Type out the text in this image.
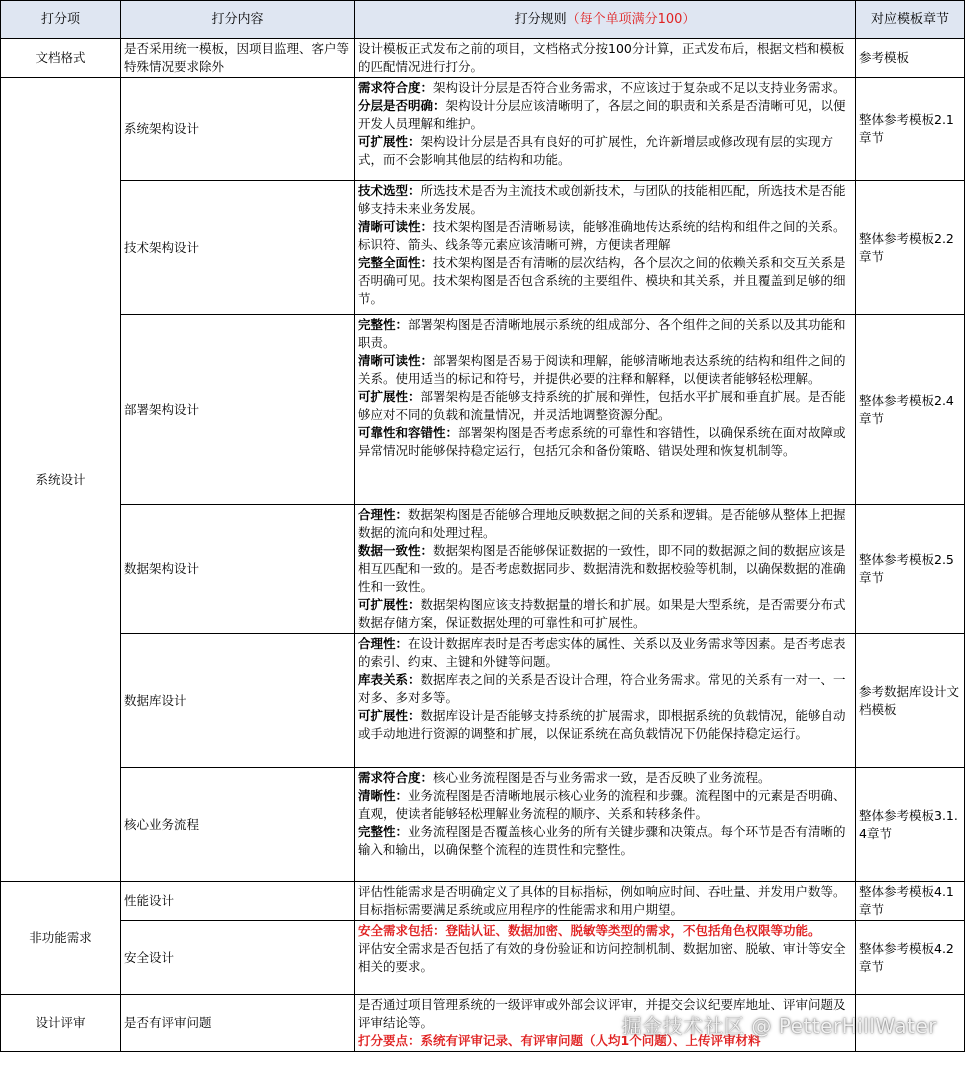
打分项	打分内容	打分规则（每个单项满分100）	对应模板章节
文档格式	是否采用统一模板，因项目监理、客户等特殊情况要求除外	设计模板正式发布之前的项目，文档格式分按100分计算，正式发布后，根据文档和模板的匹配情况进行打分。	参考模板
系统设计	系统架构设计	需求符合度：架构设计分层是否符合业务需求，不应该过于复杂或不足以支持业务需求。
分层是否明确：架构设计分层应该清晰明了，各层之间的职责和关系是否清晰可见，以便开发人员理解和维护。
可扩展性：架构设计分层是否具有良好的可扩展性，允许新增层或修改现有层的实现方式，而不会影响其他层的结构和功能。	整体参考模板2.1章节
	技术架构设计	技术选型：所选技术是否为主流技术或创新技术，与团队的技能相匹配，所选技术是否能够支持未来业务发展。
清晰可读性：技术架构图是否清晰易读，能够准确地传达系统的结构和组件之间的关系。标识符、箭头、线条等元素应该清晰可辨，方便读者理解
完整全面性：技术架构图是否有清晰的层次结构，各个层次之间的依赖关系和交互关系是否明确可见。技术架构图是否包含系统的主要组件、模块和其关系，并且覆盖到足够的细节。	整体参考模板2.2章节
	部署架构设计	完整性：部署架构图是否清晰地展示系统的组成部分、各个组件之间的关系以及其功能和职责。
清晰可读性：部署架构图是否易于阅读和理解，能够清晰地表达系统的结构和组件之间的关系。使用适当的标记和符号，并提供必要的注释和解释，以便读者能够轻松理解。
可扩展性：部署架构是否能够支持系统的扩展和弹性，包括水平扩展和垂直扩展。是否能够应对不同的负载和流量情况，并灵活地调整资源分配。
可靠性和容错性：部署架构图是否考虑系统的可靠性和容错性，以确保系统在面对故障或异常情况时能够保持稳定运行，包括冗余和备份策略、错误处理和恢复机制等。	整体参考模板2.4章节
	数据架构设计	合理性：数据架构图是否能够合理地反映数据之间的关系和逻辑。是否能够从整体上把握数据的流向和处理过程。
数据一致性：数据架构图是否能够保证数据的一致性，即不同的数据源之间的数据应该是相互匹配和一致的。是否考虑数据同步、数据清洗和数据校验等机制，以确保数据的准确性和一致性。
可扩展性：数据架构图应该支持数据量的增长和扩展。如果是大型系统，是否需要分布式数据存储方案，保证数据处理的可靠性和可扩展性。	整体参考模板2.5章节
	数据库设计	合理性：在设计数据库表时是否考虑实体的属性、关系以及业务需求等因素。是否考虑表的索引、约束、主键和外键等问题。
库表关系：数据库表之间的关系是否设计合理，符合业务需求。常见的关系有一对一、一对多、多对多等。
可扩展性：数据库设计是否能够支持系统的扩展需求，即根据系统的负载情况，能够自动或手动地进行资源的调整和扩展，以保证系统在高负载情况下仍能保持稳定运行。	参考数据库设计文档模板
	核心业务流程	需求符合度：核心业务流程图是否与业务需求一致，是否反映了业务流程。
清晰性：业务流程图是否清晰地展示核心业务的流程和步骤。流程图中的元素是否明确、直观，使读者能够轻松理解业务流程的顺序、关系和转移条件。
完整性：业务流程图是否覆盖核心业务的所有关键步骤和决策点。每个环节是否有清晰的输入和输出，以确保整个流程的连贯性和完整性。	整体参考模板3.1.4章节
非功能需求	性能设计	评估性能需求是否明确定义了具体的目标指标，例如响应时间、吞吐量、并发用户数等。目标指标需要满足系统或应用程序的性能需求和用户期望。	整体参考模板4.1章节
	安全设计	安全需求包括：登陆认证、数据加密、脱敏等类型的需求，不包括角色权限等功能。
评估安全需求是否包括了有效的身份验证和访问控制机制、数据加密、脱敏、审计等安全相关的要求。	整体参考模板4.2章节
设计评审	是否有评审问题	是否通过项目管理系统的一级评审或外部会议评审，并提交会议纪要库地址、评审问题及评审结论等。
打分要点：系统有评审记录、有评审问题（人均1个问题）、上传评审材料	

掘金技术社区 @ PetterHillWater
